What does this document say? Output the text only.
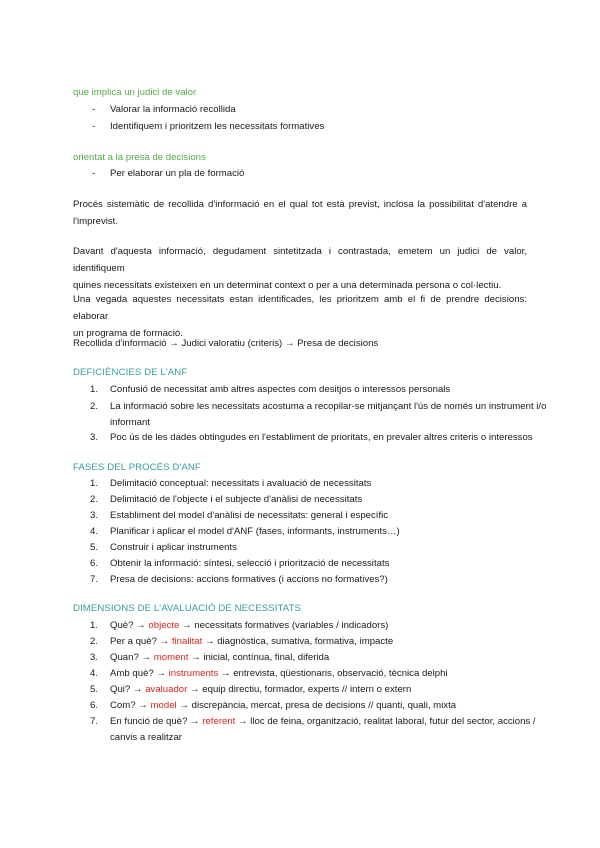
que implica un judici de valor
- Valorar la informació recollida
- Identifiquem i prioritzem les necessitats formatives
orientat a la presa de decisions
- Per elaborar un pla de formació
Procés sistemàtic de recollida d'informació en el qual tot està previst, inclosa la possibilitat d'atendre a
l'imprevist.
Davant d'aquesta informació, degudament sintetitzada i contrastada, emetem un judici de valor, identifiquem
quines necessitats existeixen en un determinat context o per a una determinada persona o col·lectiu.
Una vegada aquestes necessitats estan identificades, les prioritzem amb el fi de prendre decisions: elaborar
un programa de formació.
Recollida d'informació → Judici valoratiu (criteris) → Presa de decisions
DEFICIÈNCIES DE L'ANF
1. Confusió de necessitat amb altres aspectes com desitjos o interessos personals
2. La informació sobre les necessitats acostuma a recopilar-se mitjançant l'ús de només un instrument i/o
informant
3. Poc ús de les dades obtingudes en l'establiment de prioritats, en prevaler altres criteris o interessos
FASES DEL PROCÉS D'ANF
1. Delimitació conceptual: necessitats i avaluació de necessitats
2. Delimitació de l'objecte i el subjecte d'anàlisi de necessitats
3. Establiment del model d'anàlisi de necessitats: general i específic
4. Planificar i aplicar el model d'ANF (fases, informants, instruments…)
5. Construir i aplicar instruments
6. Obtenir la informació: síntesi, selecció i priorització de necessitats
7. Presa de decisions: accions formatives (i accions no formatives?)
DIMENSIONS DE L'AVALUACIÓ DE NECESSITATS
1. Què? → objecte → necessitats formatives (variables / indicadors)
2. Per a què? → finalitat → diagnòstica, sumativa, formativa, impacte
3. Quan? → moment → inicial, contínua, final, diferida
4. Amb què? → instruments → entrevista, qüestionaris, observació, tècnica delphi
5. Qui? → avaluador → equip directiu, formador, experts // intern o extern
6. Com? → model → discrepància, mercat, presa de decisions // quanti, quali, mixta
7. En funció de què? → referent → lloc de feina, organització, realitat laboral, futur del sector, accions /
canvis a realitzar
